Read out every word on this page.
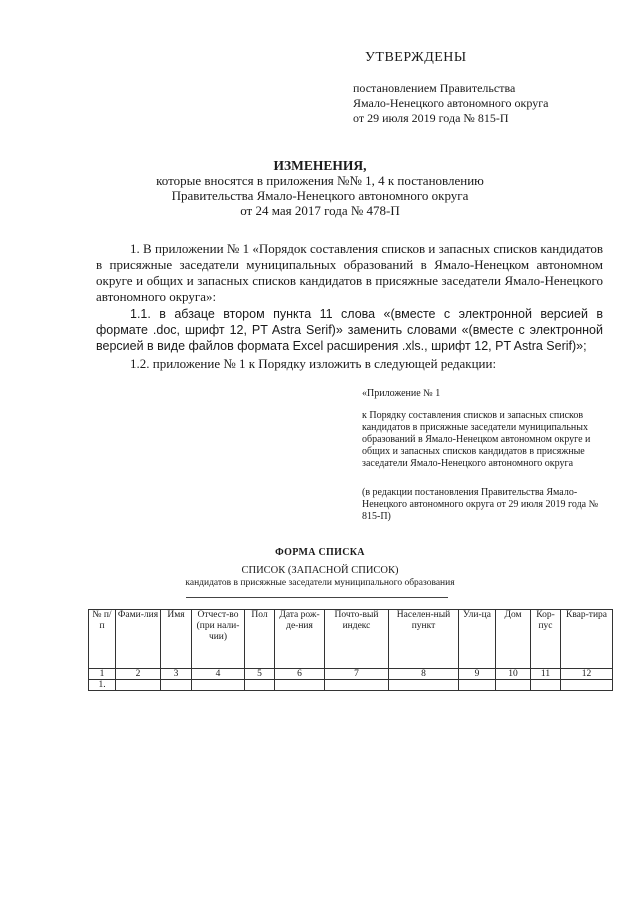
УТВЕРЖДЕНЫ
постановлением Правительства
Ямало-Ненецкого автономного округа
от 29 июля 2019 года № 815-П
ИЗМЕНЕНИЯ,
которые вносятся в приложения №№ 1, 4 к постановлению
Правительства Ямало-Ненецкого автономного округа
от 24 мая 2017 года № 478-П
1. В приложении № 1 «Порядок составления списков и запасных списков кандидатов в присяжные заседатели муниципальных образований в Ямало-Ненецком автономном округе и общих и запасных списков кандидатов в присяжные заседатели Ямало-Ненецкого автономного округа»:
1.1. в абзаце втором пункта 11 слова «(вместе с электронной версией в формате .doc, шрифт 12, PT Astra Serif)» заменить словами «(вместе с электронной версией в виде файлов формата Excel расширения .xls., шрифт 12, PT Astra Serif)»;
1.2. приложение № 1 к Порядку изложить в следующей редакции:
«Приложение № 1
к Порядку составления списков и запасных списков кандидатов в присяжные заседатели муниципальных образований в Ямало-Ненецком автономном округе и общих и запасных списков кандидатов в присяжные заседатели Ямало-Ненецкого автономного округа
(в редакции постановления Правительства Ямало-Ненецкого автономного округа от 29 июля 2019 года № 815-П)
ФОРМА СПИСКА
СПИСОК (ЗАПАСНОЙ СПИСОК)
кандидатов в присяжные заседатели муниципального образования
№ п/п	Фами-лия	Имя	Отчест-во (при нали-чии)	Пол	Дата рож-де-ния	Почто-вый индекс	Населен-ный пункт	Ули-ца	Дом	Кор-пус	Квар-тира
1	2	3	4	5	6	7	8	9	10	11	12
1.											
